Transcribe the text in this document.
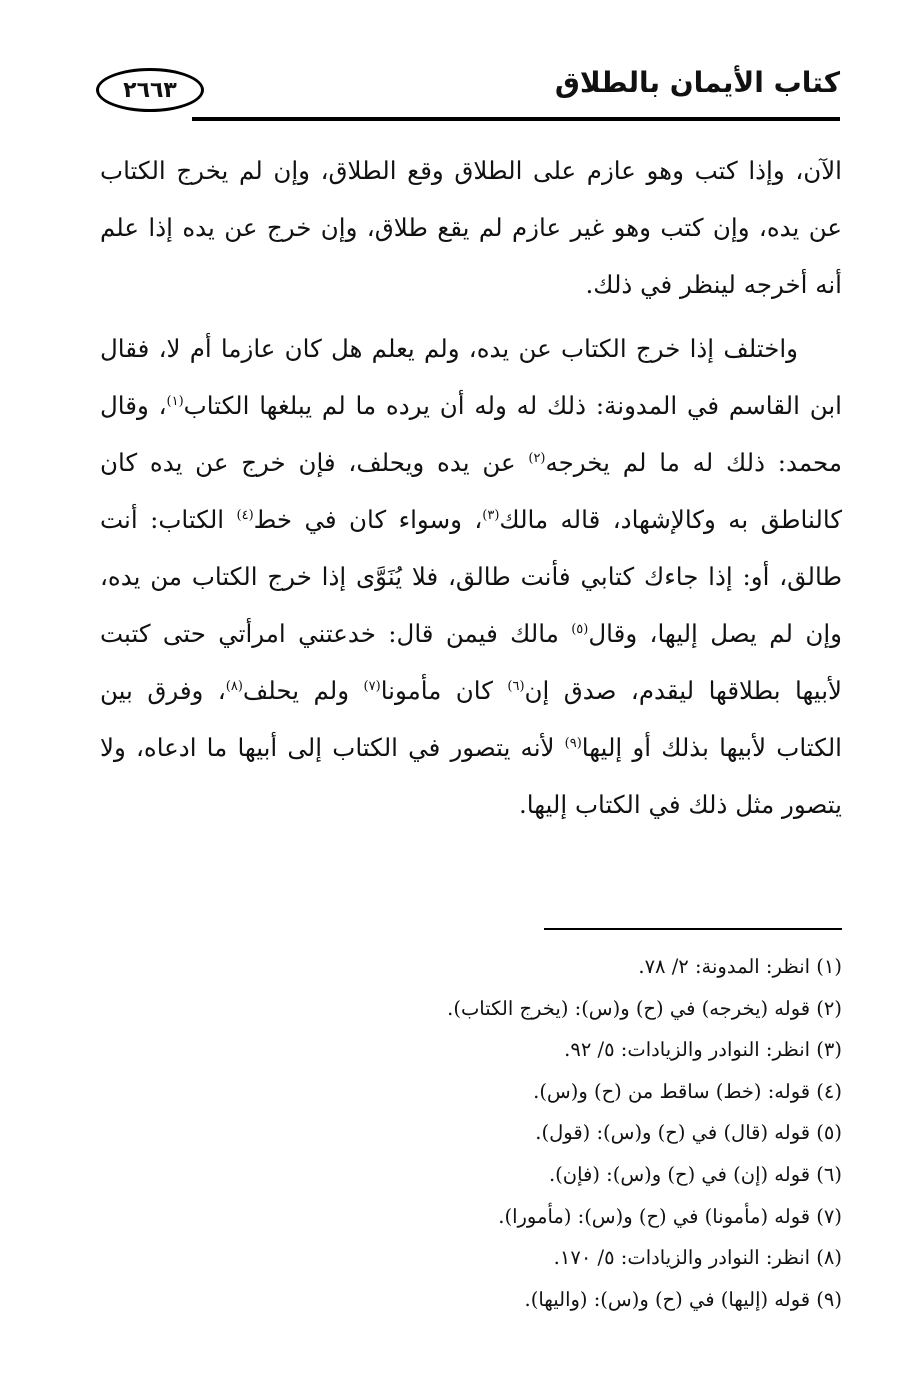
كتاب الأيمان بالطلاق
٢٦٦٣

الآن، وإذا كتب وهو عازم على الطلاق وقع الطلاق، وإن لم يخرج الكتاب عن يده، وإن كتب وهو غير عازم لم يقع طلاق، وإن خرج عن يده إذا علم أنه أخرجه لينظر في ذلك.

واختلف إذا خرج الكتاب عن يده، ولم يعلم هل كان عازما أم لا، فقال ابن القاسم في المدونة: ذلك له وله أن يرده ما لم يبلغها الكتاب$^{(١)}$، وقال محمد: ذلك له ما لم يخرجه$^{(٢)}$ عن يده ويحلف، فإن خرج عن يده كان كالناطق به وكالإشهاد، قاله مالك$^{(٣)}$، وسواء كان في خط$^{(٤)}$ الكتاب: أنت طالق، أو: إذا جاءك كتابي فأنت طالق، فلا يُنَوَّى إذا خرج الكتاب من يده، وإن لم يصل إليها، وقال$^{(٥)}$ مالك فيمن قال: خدعتني امرأتي حتى كتبت لأبيها بطلاقها ليقدم، صدق إن$^{(٦)}$ كان مأمونا$^{(٧)}$ ولم يحلف$^{(٨)}$، وفرق بين الكتاب لأبيها بذلك أو إليها$^{(٩)}$ لأنه يتصور في الكتاب إلى أبيها ما ادعاه، ولا يتصور مثل ذلك في الكتاب إليها.

(١) انظر: المدونة: ٢/ ٧٨.
(٢) قوله (يخرجه) في (ح) و(س): (يخرج الكتاب).
(٣) انظر: النوادر والزيادات: ٥/ ٩٢.
(٤) قوله: (خط) ساقط من (ح) و(س).
(٥) قوله (قال) في (ح) و(س): (قول).
(٦) قوله (إن) في (ح) و(س): (فإن).
(٧) قوله (مأمونا) في (ح) و(س): (مأمورا).
(٨) انظر: النوادر والزيادات: ٥/ ١٧٠.
(٩) قوله (إليها) في (ح) و(س): (واليها).
